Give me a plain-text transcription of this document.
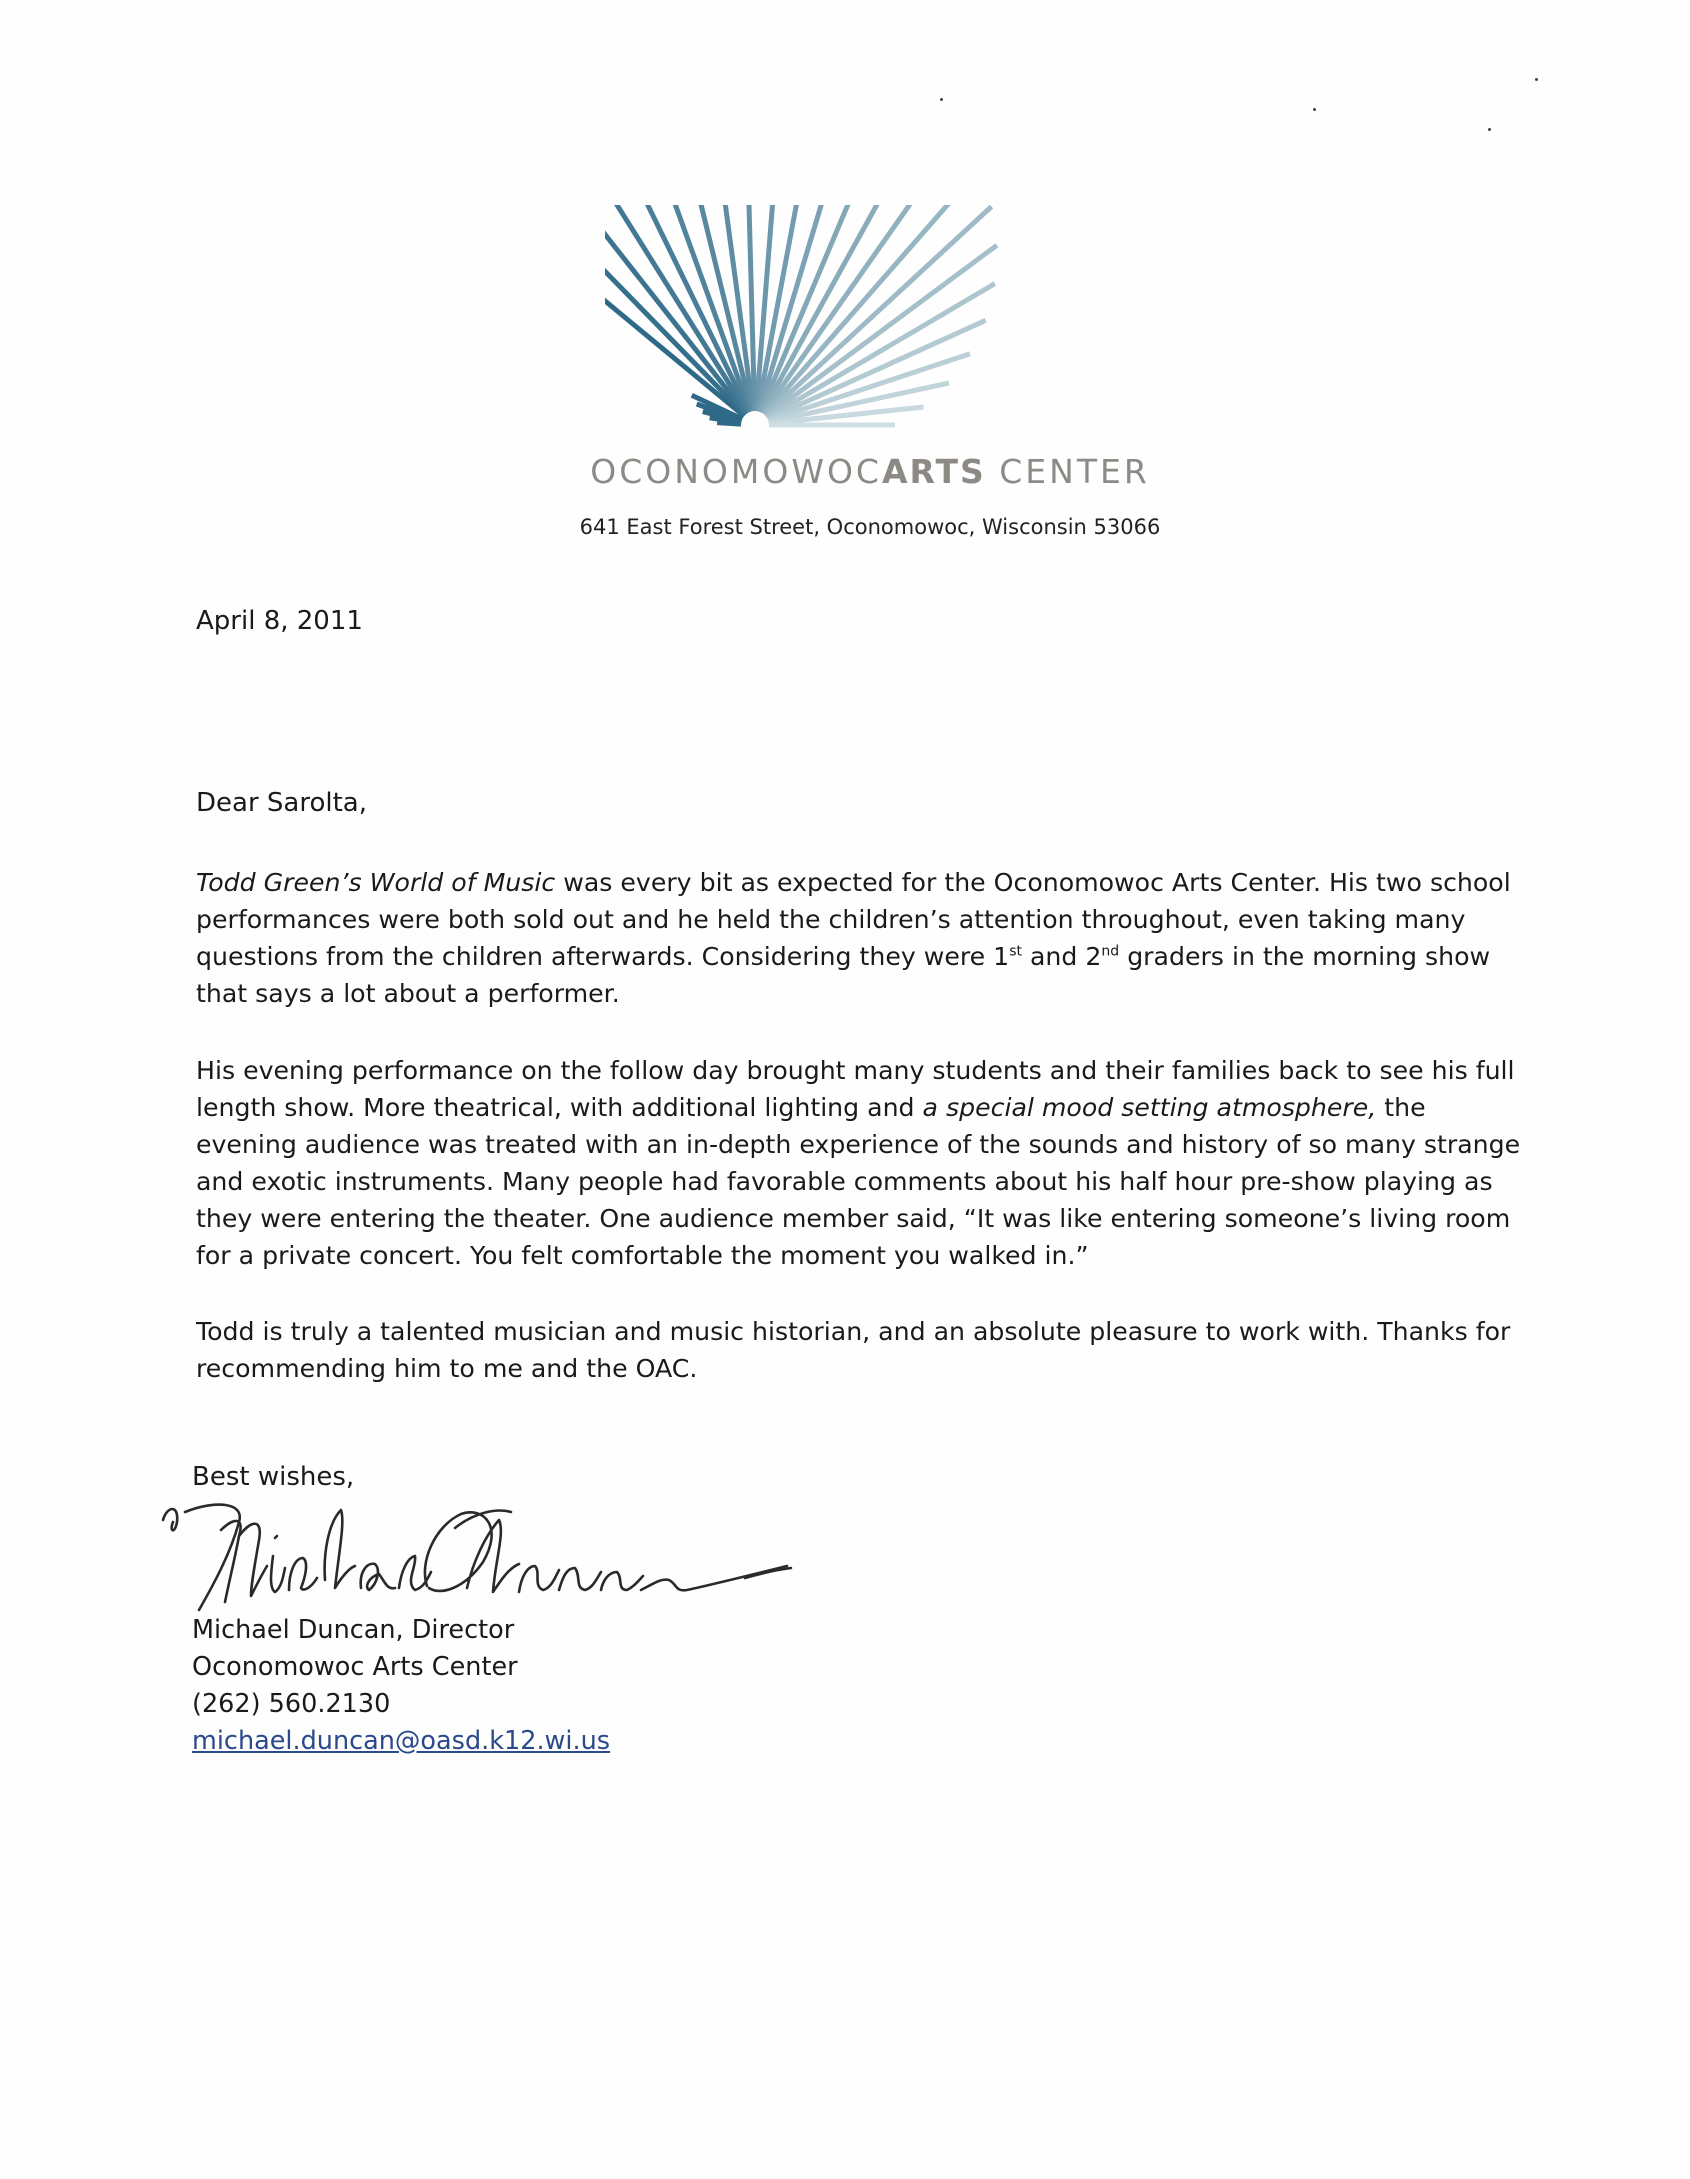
OCONOMOWOCARTS CENTER
641 East Forest Street, Oconomowoc, Wisconsin 53066
April 8, 2011
Dear Sarolta,
Todd Green’s World of Music was every bit as expected for the Oconomowoc Arts Center. His two school
performances were both sold out and he held the children’s attention throughout, even taking many
questions from the children afterwards. Considering they were 1st and 2nd graders in the morning show
that says a lot about a performer.
His evening performance on the follow day brought many students and their families back to see his full
length show. More theatrical, with additional lighting and a special mood setting atmosphere, the
evening audience was treated with an in-depth experience of the sounds and history of so many strange
and exotic instruments. Many people had favorable comments about his half hour pre-show playing as
they were entering the theater. One audience member said, “It was like entering someone’s living room
for a private concert. You felt comfortable the moment you walked in.”
Todd is truly a talented musician and music historian, and an absolute pleasure to work with. Thanks for
recommending him to me and the OAC.
Best wishes,
Michael Duncan, Director
Oconomowoc Arts Center
(262) 560.2130
michael.duncan@oasd.k12.wi.us
